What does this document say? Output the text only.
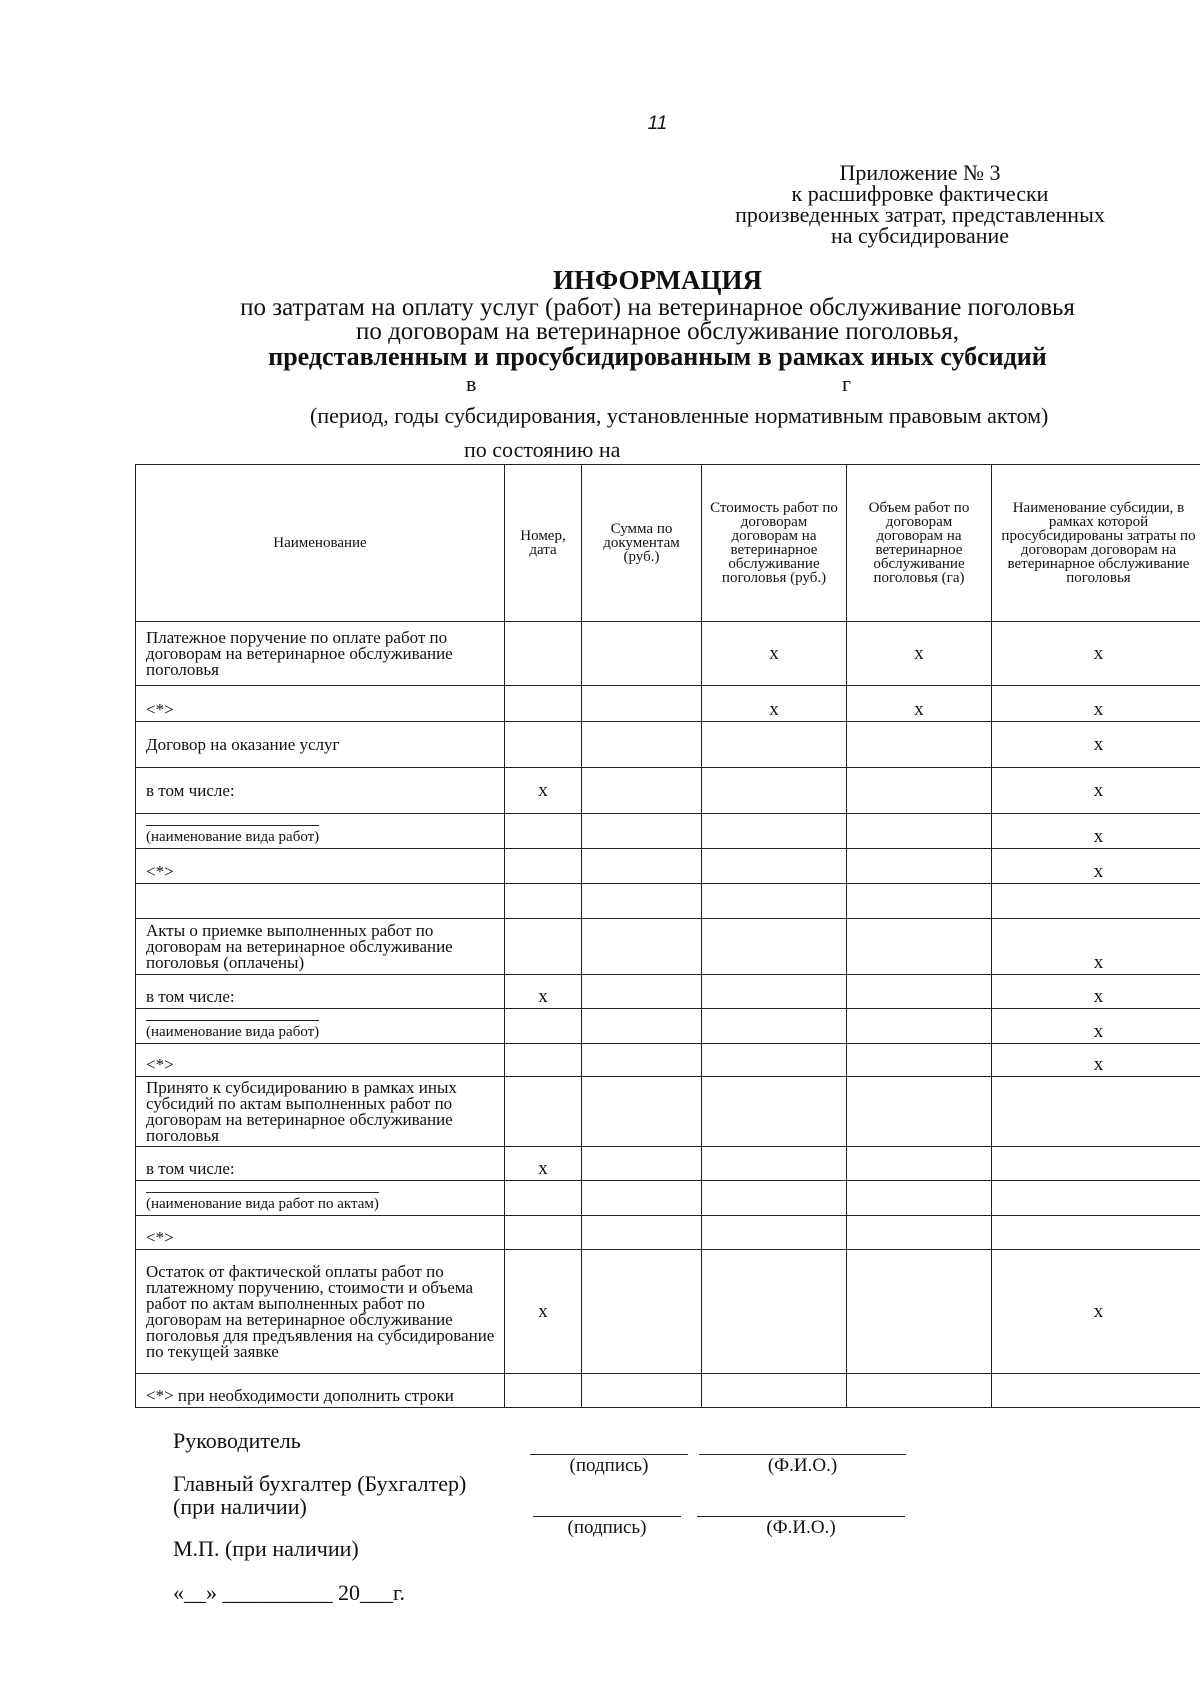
11
Приложение № 3
к расшифровке фактически
произведенных затрат, представленных
на субсидирование
ИНФОРМАЦИЯ
по затратам на оплату услуг (работ) на ветеринарное обслуживание поголовья
по договорам на ветеринарное обслуживание поголовья,
представленным и просубсидированным в рамках иных субсидий
в	г
(период, годы субсидирования, установленные нормативным правовым актом)
по состоянию на
Наименование	Номер, дата	Сумма по документам (руб.)	Стоимость работ по договорам договорам на ветеринарное обслуживание поголовья (руб.)	Объем работ по договорам договорам на ветеринарное обслуживание поголовья (га)	Наименование субсидии, в рамках которой просубсидированы затраты по договорам договорам на ветеринарное обслуживание поголовья
Платежное поручение по оплате работ по договорам на ветеринарное обслуживание поголовья			x	x	x
<*>			x	x	x
Договор на оказание услуг					x
в том числе:	x				x
(наименование вида работ)					x
<*>					x

Акты о приемке выполненных работ по договорам на ветеринарное обслуживание поголовья (оплачены)					x
в том числе:	x				x
(наименование вида работ)					x
<*>					x
Принято к субсидированию в рамках иных субсидий по актам выполненных работ по договорам на ветеринарное обслуживание поголовья					
в том числе:	x				
(наименование вида работ по актам)					
<*>					
Остаток от фактической оплаты работ по платежному поручению, стоимости и объема работ по актам выполненных работ по договорам на ветеринарное обслуживание поголовья для предъявления на субсидирование по текущей заявке	x				x
<*> при необходимости дополнить строки					
Руководитель
(подпись)	(Ф.И.О.)
Главный бухгалтер (Бухгалтер)
(при наличии)
(подпись)	(Ф.И.О.)
М.П. (при наличии)
«__» __________ 20___г.
